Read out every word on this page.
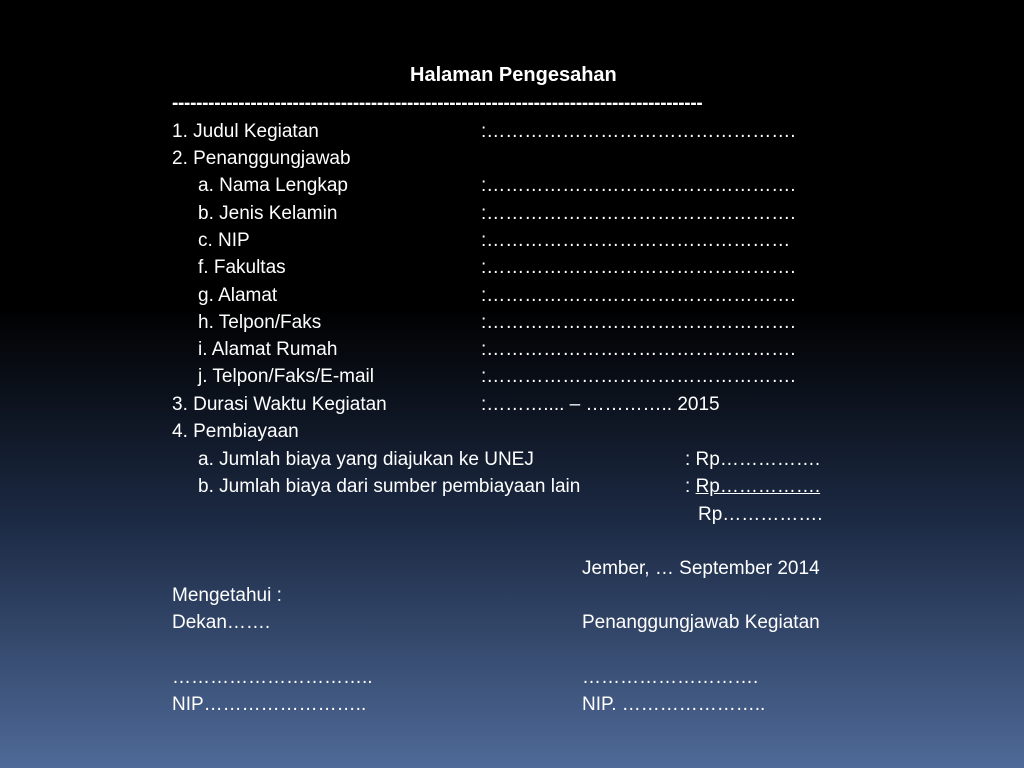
Halaman Pengesahan
----------------------------------------------------------------------------------------
1. Judul Kegiatan	:………………………………………….
2. Penanggungjawab
a. Nama Lengkap	:………………………………………….
b. Jenis Kelamin	:………………………………………….
c. NIP	:…………………………………………
f. Fakultas	:………………………………………….
g. Alamat	:………………………………………….
h. Telpon/Faks	:………………………………………….
i. Alamat Rumah	:………………………………………….
j. Telpon/Faks/E-mail	:………………………………………….
3. Durasi Waktu Kegiatan	:……….... – ………….. 2015
4. Pembiayaan
a. Jumlah biaya yang diajukan ke UNEJ	: Rp…………….
b. Jumlah biaya dari sumber pembiayaan lain	: Rp…………….
Rp…………….
Jember, … September 2014
Mengetahui :
Dekan…….	Penanggungjawab Kegiatan
…………………………..	……………………….
NIP……………………..	NIP. …………………..
